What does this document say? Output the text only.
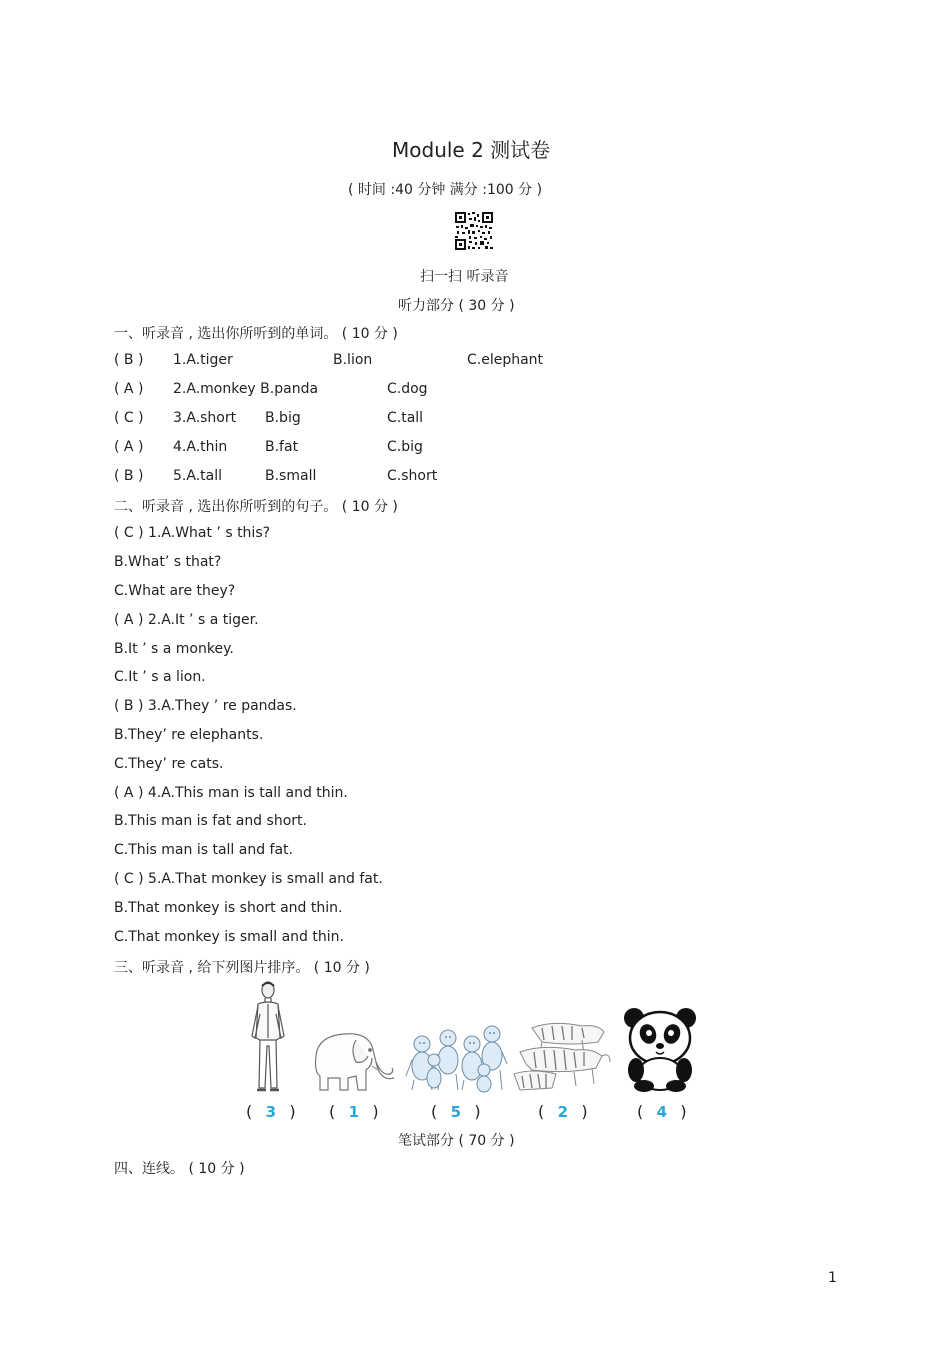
Module 2 测试卷
( 时间 :40 分钟 满分 :100 分 )
扫一扫 听录音
听力部分 ( 30 分 )
一、听录音 , 选出你所听到的单词。 ( 10 分 )
( B ) 1.A.tiger	B.lion	C.elephant
( A ) 2.A.monkey B.panda	C.dog
( C ) 3.A.short B.big	C.tall
( A ) 4.A.thin	B.fat	C.big
( B ) 5.A.tall	B.small	C.short
二、听录音 , 选出你所听到的句子。 ( 10 分 )
( C ) 1.A.What ’ s this?
B.What’ s that?
C.What are they?
( A ) 2.A.It ’ s a tiger.
B.It ’ s a monkey.
C.It ’ s a lion.
( B ) 3.A.They ’ re pandas.
B.They’ re elephants.
C.They’ re cats.
( A ) 4.A.This man is tall and thin.
B.This man is fat and short.
C.This man is tall and fat.
( C ) 5.A.That monkey is small and fat.
B.That monkey is short and thin.
C.That monkey is small and thin.
三、听录音 , 给下列图片排序。 ( 10 分 )
( 3 ) ( 1 )	( 5 )	( 2 )	( 4 )
笔试部分 ( 70 分 )
四、连线。 ( 10 分 )
1
